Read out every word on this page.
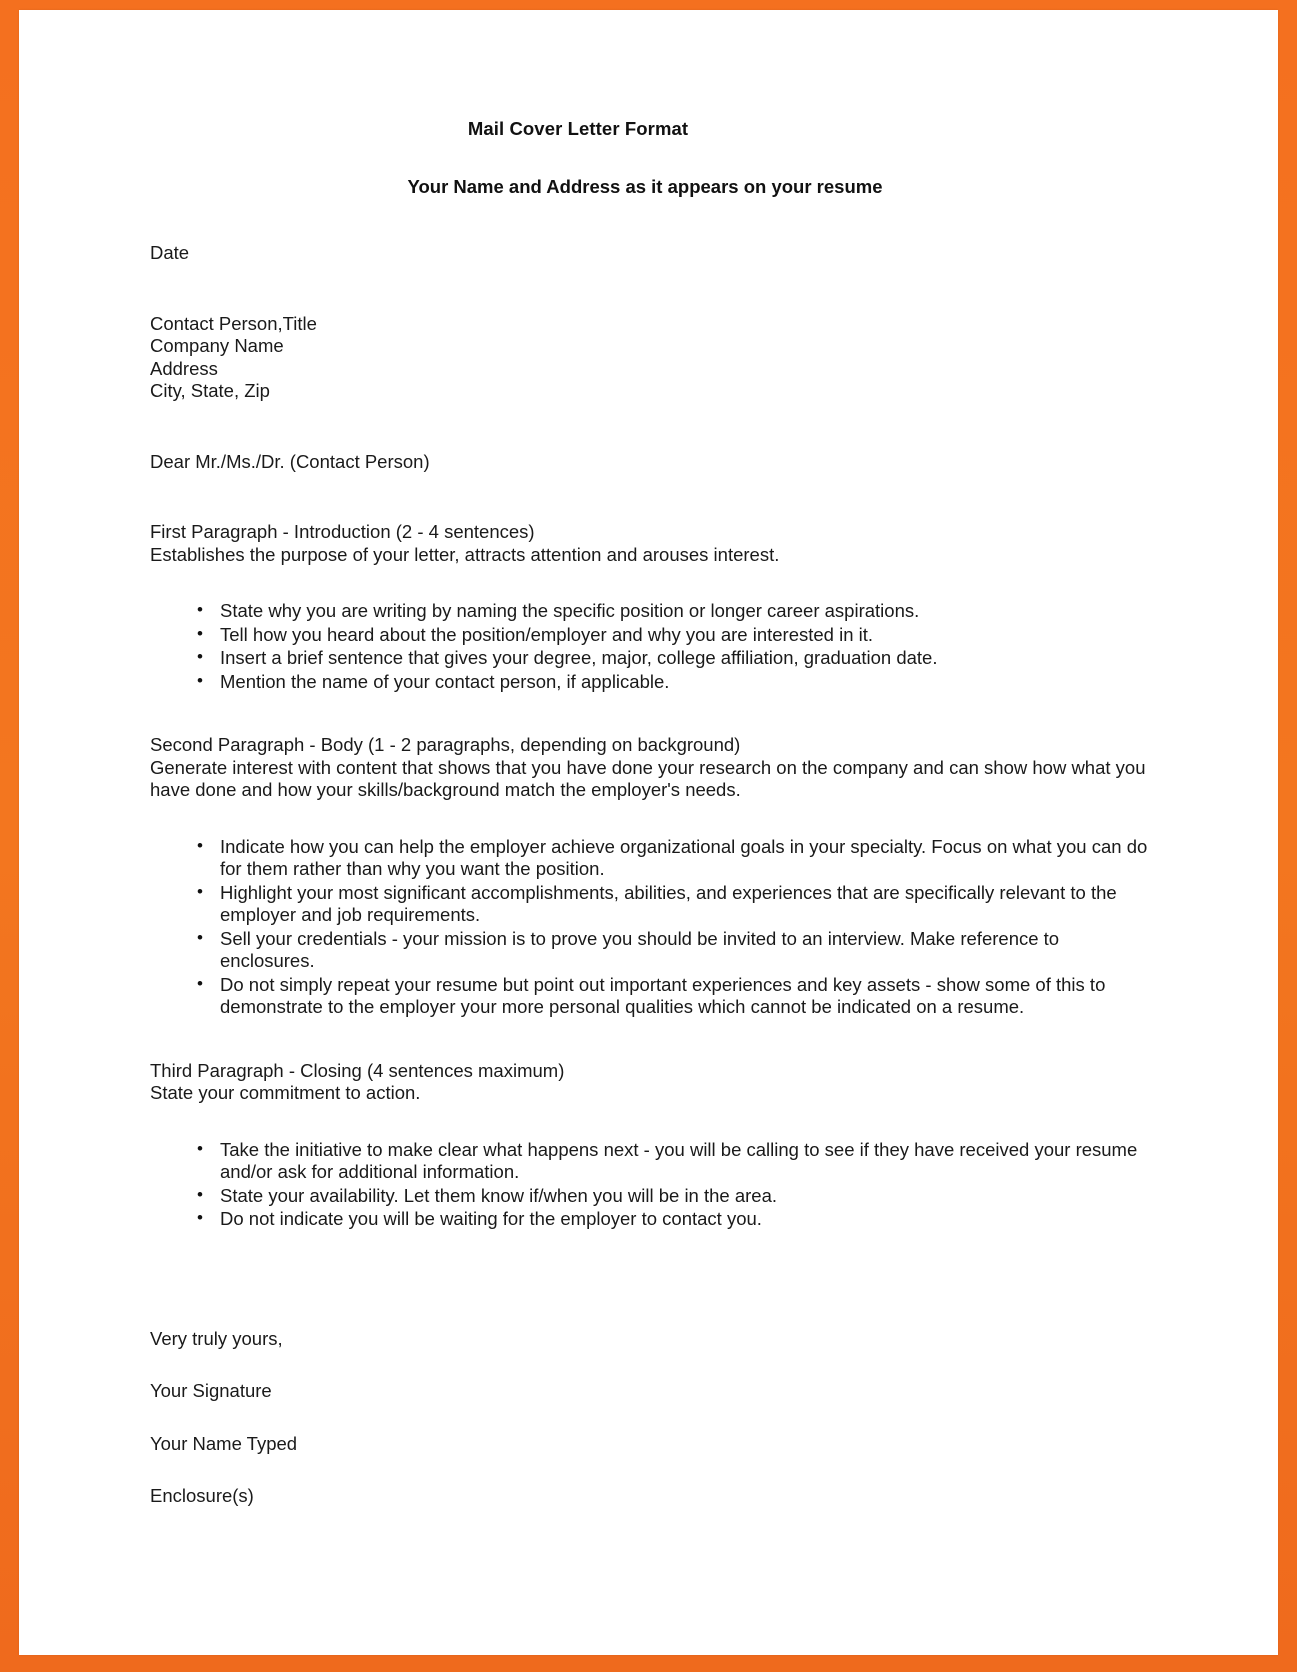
Mail Cover Letter Format
Your Name and Address as it appears on your resume
Date
Contact Person,Title
Company Name
Address
City, State, Zip
Dear Mr./Ms./Dr. (Contact Person)
First Paragraph - Introduction (2 - 4 sentences)
Establishes the purpose of your letter, attracts attention and arouses interest.
• State why you are writing by naming the specific position or longer career aspirations.
• Tell how you heard about the position/employer and why you are interested in it.
• Insert a brief sentence that gives your degree, major, college affiliation, graduation date.
• Mention the name of your contact person, if applicable.
Second Paragraph - Body (1 - 2 paragraphs, depending on background)
Generate interest with content that shows that you have done your research on the company and can show how what you have done and how your skills/background match the employer's needs.
• Indicate how you can help the employer achieve organizational goals in your specialty. Focus on what you can do for them rather than why you want the position.
• Highlight your most significant accomplishments, abilities, and experiences that are specifically relevant to the employer and job requirements.
• Sell your credentials - your mission is to prove you should be invited to an interview. Make reference to enclosures.
• Do not simply repeat your resume but point out important experiences and key assets - show some of this to demonstrate to the employer your more personal qualities which cannot be indicated on a resume.
Third Paragraph - Closing (4 sentences maximum)
State your commitment to action.
• Take the initiative to make clear what happens next - you will be calling to see if they have received your resume and/or ask for additional information.
• State your availability. Let them know if/when you will be in the area.
• Do not indicate you will be waiting for the employer to contact you.
Very truly yours,
Your Signature
Your Name Typed
Enclosure(s)
